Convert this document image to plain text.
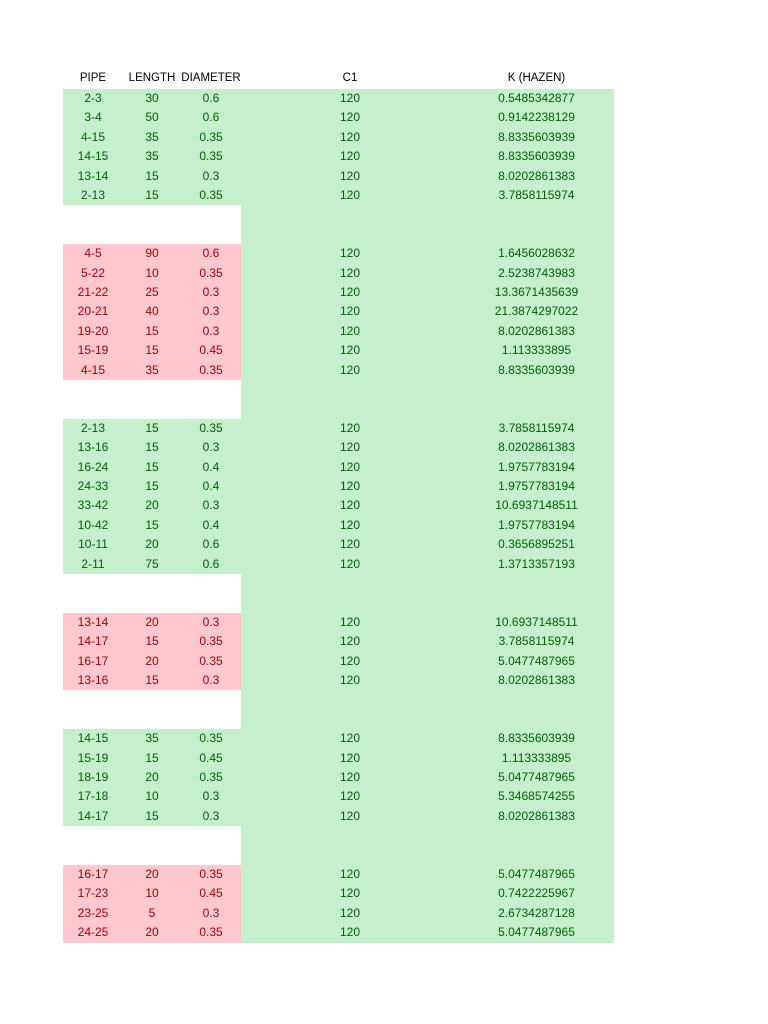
PIPE	LENGTH DIAMETER	C1	K (HAZEN)
2-3	30	0.6	120	0.5485342877
3-4	50	0.6	120	0.9142238129
4-15	35	0.35	120	8.8335603939
14-15	35	0.35	120	8.8335603939
13-14	15	0.3	120	8.0202861383
2-13	15	0.35	120	3.7858115974
4-5	90	0.6	120	1.6456028632
5-22	10	0.35	120	2.5238743983
21-22	25	0.3	120	13.3671435639
20-21	40	0.3	120	21.3874297022
19-20	15	0.3	120	8.0202861383
15-19	15	0.45	120	1.113333895
4-15	35	0.35	120	8.8335603939
2-13	15	0.35	120	3.7858115974
13-16	15	0.3	120	8.0202861383
16-24	15	0.4	120	1.9757783194
24-33	15	0.4	120	1.9757783194
33-42	20	0.3	120	10.6937148511
10-42	15	0.4	120	1.9757783194
10-11	20	0.6	120	0.3656895251
2-11	75	0.6	120	1.3713357193
13-14	20	0.3	120	10.6937148511
14-17	15	0.35	120	3.7858115974
16-17	20	0.35	120	5.0477487965
13-16	15	0.3	120	8.0202861383
14-15	35	0.35	120	8.8335603939
15-19	15	0.45	120	1.113333895
18-19	20	0.35	120	5.0477487965
17-18	10	0.3	120	5.3468574255
14-17	15	0.3	120	8.0202861383
16-17	20	0.35	120	5.0477487965
17-23	10	0.45	120	0.7422225967
23-25	5	0.3	120	2.6734287128
24-25	20	0.35	120	5.0477487965
